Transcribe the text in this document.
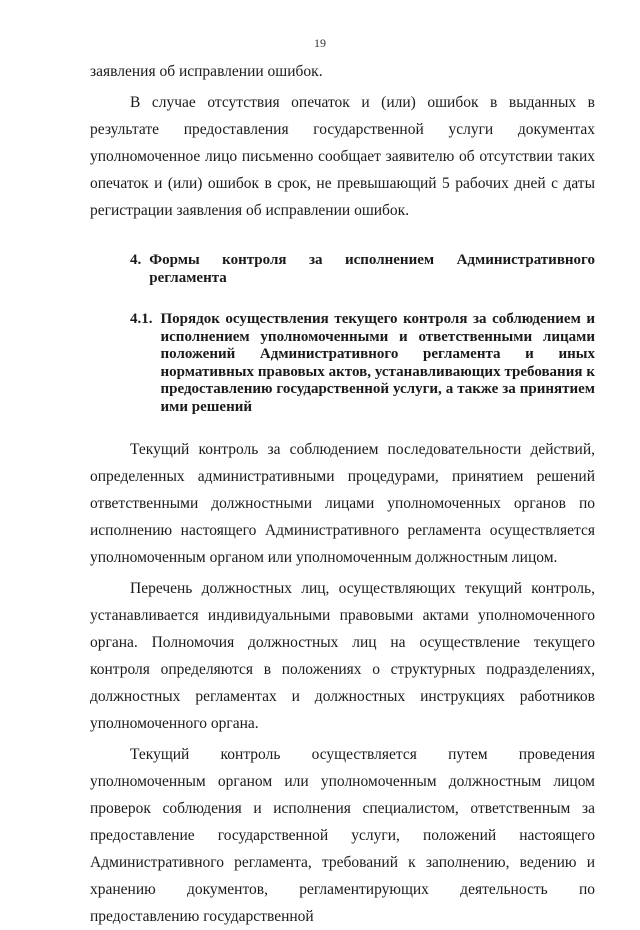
19

заявления об исправлении ошибок.

В случае отсутствия опечаток и (или) ошибок в выданных в результате предоставления государственной услуги документах уполномоченное лицо письменно сообщает заявителю об отсутствии таких опечаток и (или) ошибок в срок, не превышающий 5 рабочих дней с даты регистрации заявления об исправлении ошибок.

4. Формы контроля за исполнением Административного регламента
4.1. Порядок осуществления текущего контроля за соблюдением и исполнением уполномоченными и ответственными лицами положений Административного регламента и иных нормативных правовых актов, устанавливающих требования к предоставлению государственной услуги, а также за принятием ими решений

Текущий контроль за соблюдением последовательности действий, определенных административными процедурами, принятием решений ответственными должностными лицами уполномоченных органов по исполнению настоящего Административного регламента осуществляется уполномоченным органом или уполномоченным должностным лицом.

Перечень должностных лиц, осуществляющих текущий контроль, устанавливается индивидуальными правовыми актами уполномоченного органа. Полномочия должностных лиц на осуществление текущего контроля определяются в положениях о структурных подразделениях, должностных регламентах и должностных инструкциях работников уполномоченного органа.

Текущий контроль осуществляется путем проведения уполномоченным органом или уполномоченным должностным лицом проверок соблюдения и исполнения специалистом, ответственным за предоставление государственной услуги, положений настоящего Административного регламента, требований к заполнению, ведению и хранению документов, регламентирующих деятельность по предоставлению государственной
